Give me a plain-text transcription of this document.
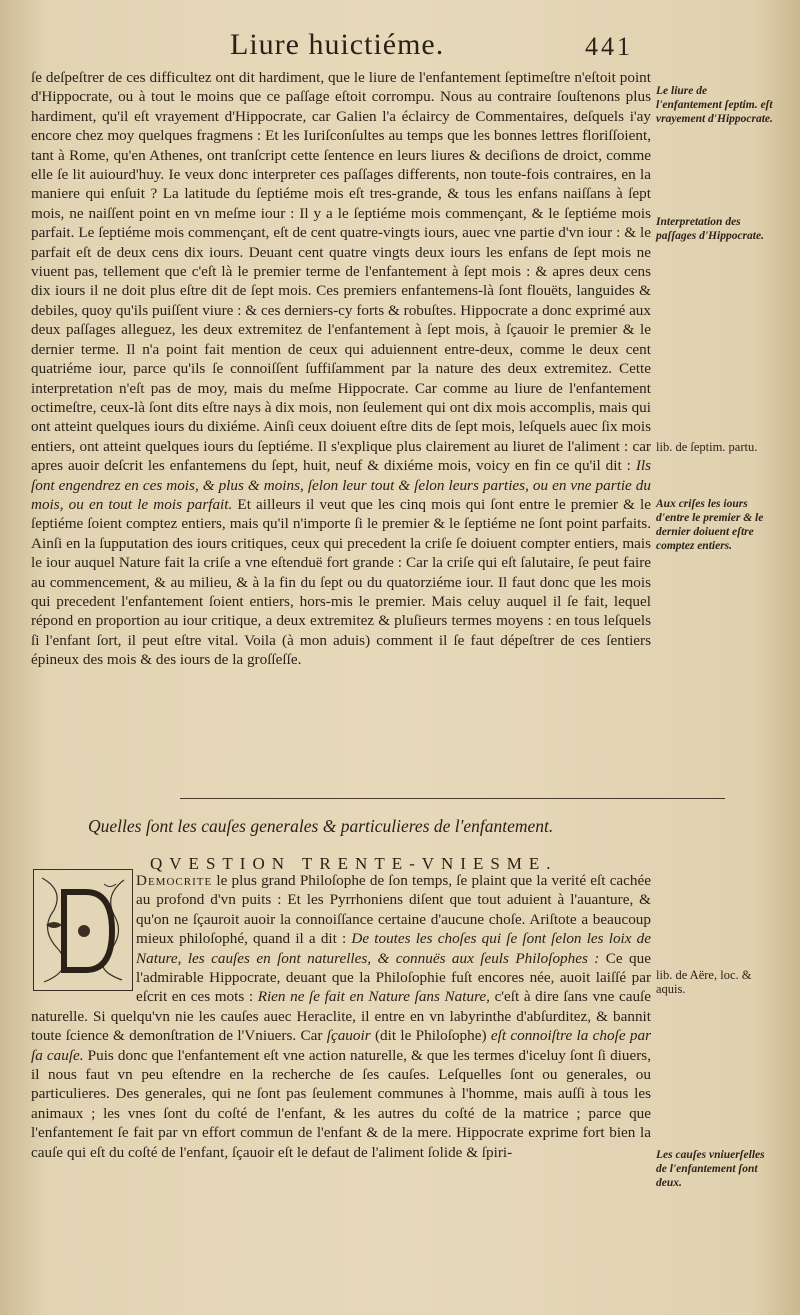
Liure huictiéme.	441

ſe deſpeſtrer de ces difficultez ont dit hardiment, que le liure de l'enfantement ſeptimeſtre n'eſtoit point d'Hippocrate, ou à tout le moins que ce paſſage eſtoit corrompu. Nous au contraire ſouſtenons plus hardiment, qu'il eſt vrayement d'Hippocrate, car Galien l'a éclaircy de Commentaires, deſquels i'ay encore chez moy quelques fragmens : Et les Iuriſconſultes au temps que les bonnes lettres floriſſoient, tant à Rome, qu'en Athenes, ont tranſcript cette ſentence en leurs liures & deciſions de droict, comme elle ſe lit auiourd'huy. Ie veux donc interpreter ces paſſages differents, non toute-fois contraires, en la maniere qui enſuit ? La latitude du ſeptiéme mois eſt tres-grande, & tous les enfans naiſſans à ſept mois, ne naiſſent point en vn meſme iour : Il y a le ſeptiéme mois commençant, & le ſeptiéme mois parfait. Le ſeptiéme mois commençant, eſt de cent quatre-vingts iours, auec vne partie d'vn iour : & le parfait eſt de deux cens dix iours. Deuant cent quatre vingts deux iours les enfans de ſept mois ne viuent pas, tellement que c'eſt là le premier terme de l'enfantement à ſept mois : & apres deux cens dix iours il ne doit plus eſtre dit de ſept mois. Ces premiers enfantemens-là ſont flouëts, languides & debiles, quoy qu'ils puiſſent viure : & ces derniers-cy forts & robuſtes. Hippocrate a donc exprimé aux deux paſſages alleguez, les deux extremitez de l'enfantement à ſept mois, à ſçauoir le premier & le dernier terme. Il n'a point fait mention de ceux qui aduiennent entre-deux, comme le deux cent quatriéme iour, parce qu'ils ſe connoiſſent ſuffiſamment par la nature des deux extremitez. Cette interpretation n'eſt pas de moy, mais du meſme Hippocrate. Car comme au liure de l'enfantement octimeſtre, ceux-là ſont dits eſtre nays à dix mois, non ſeulement qui ont dix mois accomplis, mais qui ont atteint quelques iours du dixiéme. Ainſi ceux doiuent eſtre dits de ſept mois, leſquels auec ſix mois entiers, ont atteint quelques iours du ſeptiéme. Il s'explique plus clairement au liuret de l'aliment : car apres auoir deſcrit les enfantemens du ſept, huit, neuf & dixiéme mois, voicy en fin ce qu'il dit : Ils ſont engendrez en ces mois, & plus & moins, ſelon leur tout & ſelon leurs parties, ou en vne partie du mois, ou en tout le mois parfait. Et ailleurs il veut que les cinq mois qui ſont entre le premier & le ſeptiéme ſoient comptez entiers, mais qu'il n'importe ſi le premier & le ſeptiéme ne ſont point parfaits. Ainſi en la ſupputation des iours critiques, ceux qui precedent la criſe ſe doiuent compter entiers, mais le iour auquel Nature fait la criſe a vne eſtenduë fort grande : Car la criſe qui eſt ſalutaire, ſe peut faire au commencement, & au milieu, & à la fin du ſept ou du quatorziéme iour. Il faut donc que les mois qui precedent l'enfantement ſoient entiers, hors-mis le premier. Mais celuy auquel il ſe fait, lequel répond en proportion au iour critique, a deux extremitez & pluſieurs termes moyens : en tous leſquels ſi l'enfant ſort, il peut eſtre vital. Voila (à mon aduis) comment il ſe faut dépeſtrer de ces ſentiers épineux des mois & des iours de la groſſeſſe.

Le liure de l'enfantement ſeptim. eſt vrayement d'Hippocrate.
Interpretation des paſſages d'Hippocrate.
lib. de ſeptim. partu.
Aux criſes les iours d'entre le premier & le dernier doiuent eſtre comptez entiers.
Quelles ſont les cauſes generales & particulieres de l'enfantement.
QVESTION TRENTE-VNIESME.

Democrite le plus grand Philoſophe de ſon temps, ſe plaint que la verité eſt cachée au profond d'vn puits : Et les Pyrrhoniens diſent que tout aduient à l'auanture, & qu'on ne ſçauroit auoir la connoiſſance certaine d'aucune choſe. Ariſtote a beaucoup mieux philoſophé, quand il a dit : De toutes les choſes qui ſe ſont ſelon les loix de Nature, les cauſes en ſont naturelles, & connuës aux ſeuls Philoſophes : Ce que l'admirable Hippocrate, deuant que la Philoſophie fuſt encores née, auoit laiſſé par eſcrit en ces mots : Rien ne ſe fait en Nature ſans Nature, c'eſt à dire ſans vne cauſe naturelle. Si quelqu'vn nie les cauſes auec Heraclite, il entre en vn labyrinthe d'abſurditez, & bannit toute ſcience & demonſtration de l'Vniuers. Car ſçauoir (dit le Philoſophe) eſt connoiſtre la choſe par ſa cauſe. Puis donc que l'enfantement eſt vne action naturelle, & que les termes d'iceluy ſont ſi diuers, il nous faut vn peu eſtendre en la recherche de ſes cauſes. Leſquelles ſont ou generales, ou particulieres. Des generales, qui ne ſont pas ſeulement communes à l'homme, mais auſſi à tous les animaux ; les vnes ſont du coſté de l'enfant, & les autres du coſté de la matrice ; parce que l'enfantement ſe fait par vn effort commun de l'enfant & de la mere. Hippocrate exprime fort bien la cauſe qui eſt du coſté de l'enfant, ſçauoir eſt le defaut de l'aliment ſolide & ſpiri-

lib. de Aëre, loc. & aquis.
Les cauſes vniuerſelles de l'enfantement ſont deux.
